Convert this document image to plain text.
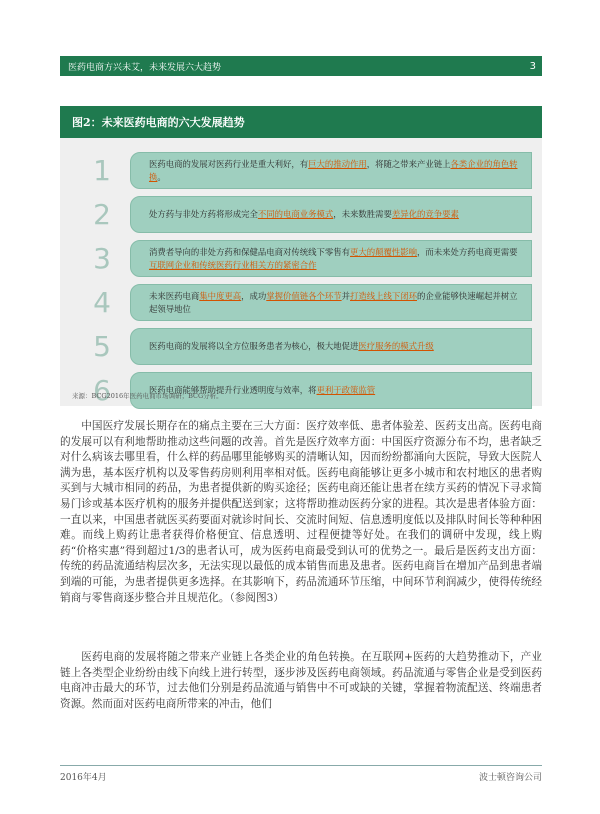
医药电商方兴未艾，未来发展六大趋势	3
图2：未来医药电商的六大发展趋势
1	医药电商的发展对医药行业是重大利好，有巨大的推动作用，将随之带来产业链上各类企业的角色转换。
2	处方药与非处方药将形成完全不同的电商业务模式，未来数胜需要差异化的竞争要素
3	消费者导向的非处方药和保健品电商对传统线下零售有更大的颠覆性影响，而未来处方药电商更需要互联网企业和传统医药行业相关方的紧密合作
4	未来医药电商集中度更高，成功掌握价值链各个环节并打造线上线下闭环的企业能够快速崛起并树立起领导地位
5	医药电商的发展将以全方位服务患者为核心，极大地促进医疗服务的模式升级
6	医药电商能够帮助提升行业透明度与效率，将更利于政策监管
来源：BCG2016年医药电商市场调研；BCG分析。

中国医疗发展长期存在的痛点主要在三大方面：医疗效率低、患者体验差、医药支出高。医药电商的发展可以有利地帮助推动这些问题的改善。首先是医疗效率方面：中国医疗资源分布不均，患者缺乏对什么病该去哪里看，什么样的药品哪里能够购买的清晰认知，因而纷纷都涌向大医院，导致大医院人满为患，基本医疗机构以及零售药房则利用率相对低。医药电商能够让更多小城市和农村地区的患者购买到与大城市相同的药品，为患者提供新的购买途径；医药电商还能让患者在续方买药的情况下寻求简易门诊或基本医疗机构的服务并提供配送到家；这将帮助推动医药分家的进程。其次是患者体验方面：一直以来，中国患者就医买药要面对就诊时间长、交流时间短、信息透明度低以及排队时间长等种种困难。而线上购药让患者获得价格便宜、信息透明、过程便捷等好处。在我们的调研中发现，线上购药“价格实惠”得到超过1/3的患者认可，成为医药电商最受到认可的优势之一。最后是医药支出方面：传统的药品流通结构层次多，无法实现以最低的成本销售而患及患者。医药电商旨在增加产品到患者端到端的可能，为患者提供更多选择。在其影响下，药品流通环节压缩，中间环节利润减少，使得传统经销商与零售商逐步整合并且规范化。（参阅图3）

医药电商的发展将随之带来产业链上各类企业的角色转换。在互联网+医药的大趋势推动下，产业链上各类型企业纷纷由线下向线上进行转型，逐步涉及医药电商领域。药品流通与零售企业是受到医药电商冲击最大的环节，过去他们分别是药品流通与销售中不可或缺的关键，掌握着物流配送、终端患者资源。然而面对医药电商所带来的冲击，他们

2016年4月	波士顿咨询公司
